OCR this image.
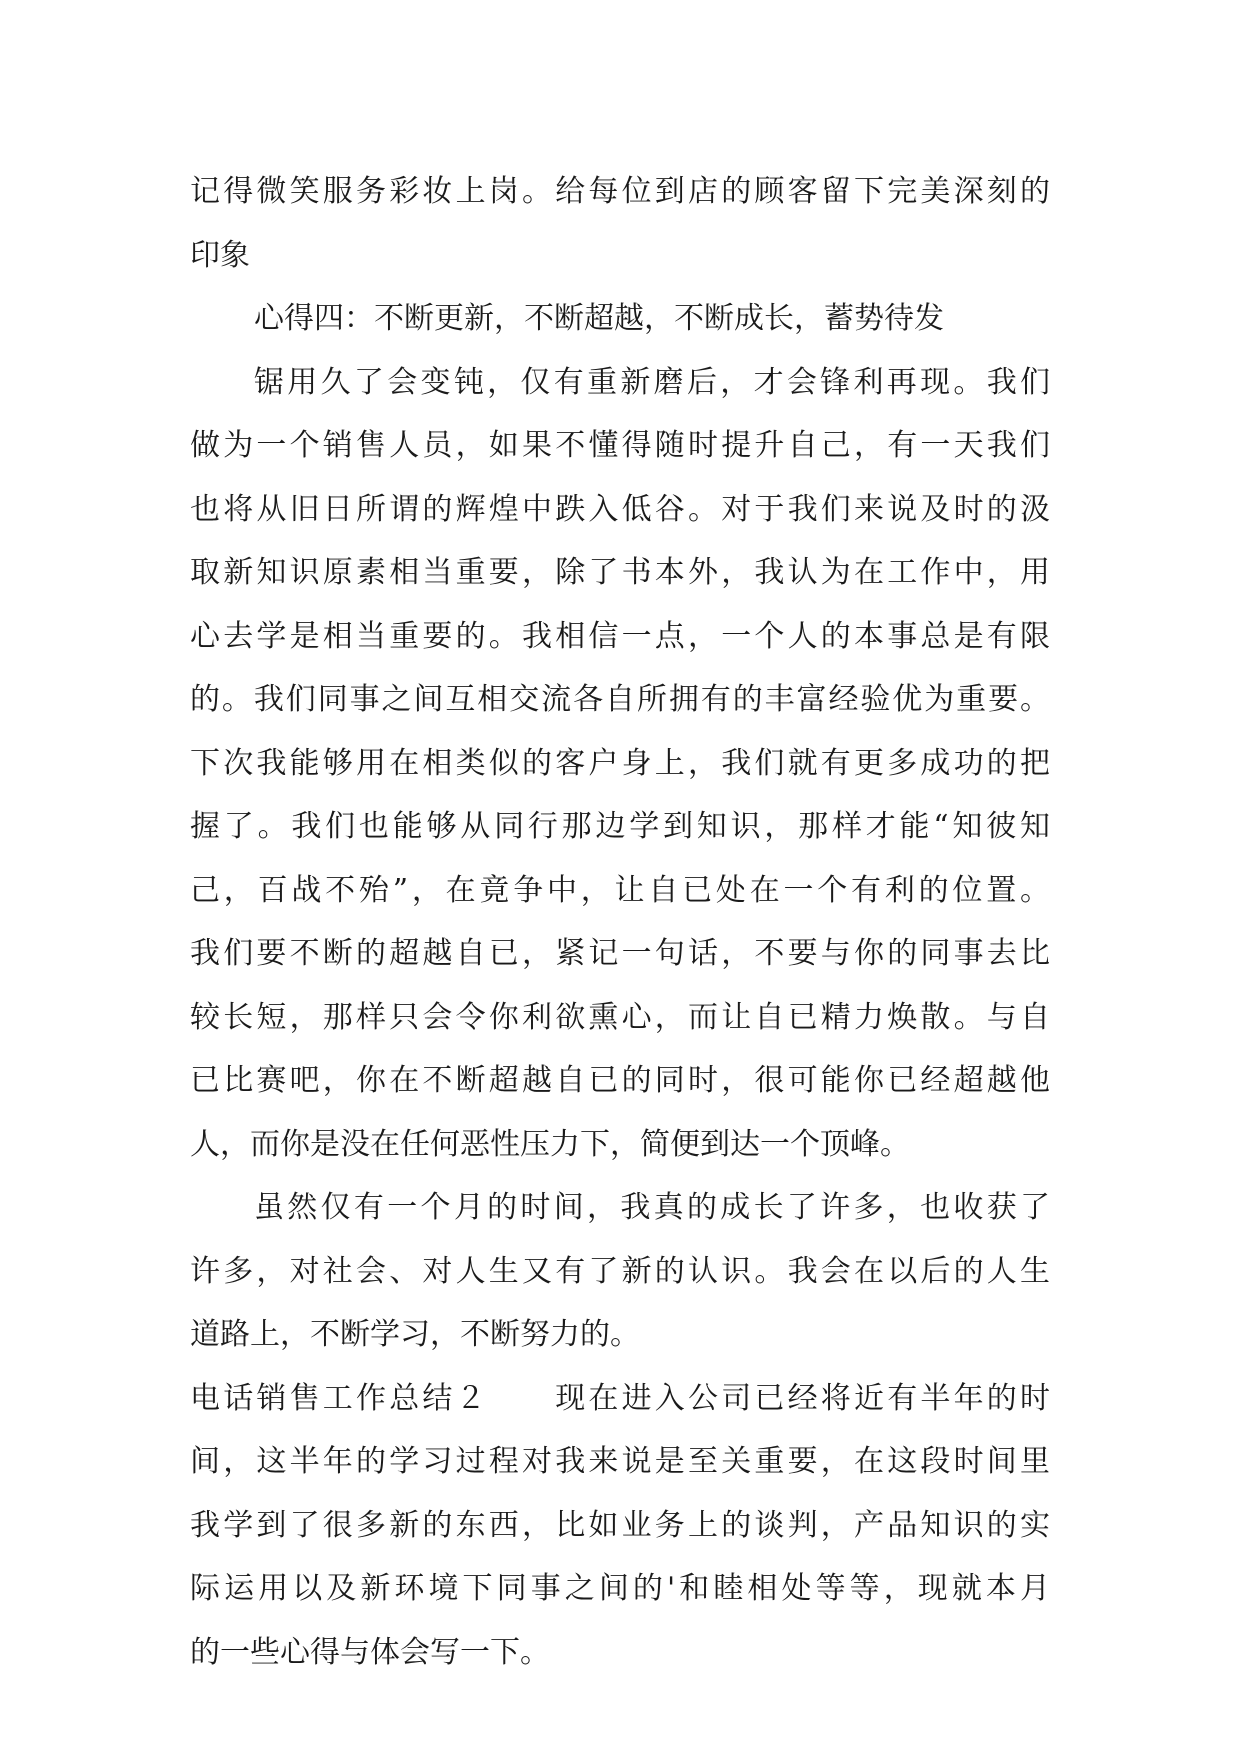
记得微笑服务彩妆上岗。给每位到店的顾客留下完美深刻的
印象
心得四：不断更新，不断超越，不断成长，蓄势待发
锯用久了会变钝，仅有重新磨后，才会锋利再现。我们
做为一个销售人员，如果不懂得随时提升自己，有一天我们
也将从旧日所谓的辉煌中跌入低谷。对于我们来说及时的汲
取新知识原素相当重要，除了书本外，我认为在工作中，用
心去学是相当重要的。我相信一点，一个人的本事总是有限
的。我们同事之间互相交流各自所拥有的丰富经验优为重要。
下次我能够用在相类似的客户身上，我们就有更多成功的把
握了。我们也能够从同行那边学到知识，那样才能“知彼知
己，百战不殆”，在竟争中，让自已处在一个有利的位置。
我们要不断的超越自已，紧记一句话，不要与你的同事去比
较长短，那样只会令你利欲熏心，而让自已精力焕散。与自
已比赛吧，你在不断超越自已的同时，很可能你已经超越他
人，而你是没在任何恶性压力下，简便到达一个顶峰。
虽然仅有一个月的时间，我真的成长了许多，也收获了
许多，对社会、对人生又有了新的认识。我会在以后的人生
道路上，不断学习，不断努力的。
电话销售工作总结２　　现在进入公司已经将近有半年的时
间，这半年的学习过程对我来说是至关重要，在这段时间里
我学到了很多新的东西，比如业务上的谈判，产品知识的实
际运用以及新环境下同事之间的'和睦相处等等，现就本月
的一些心得与体会写一下。
